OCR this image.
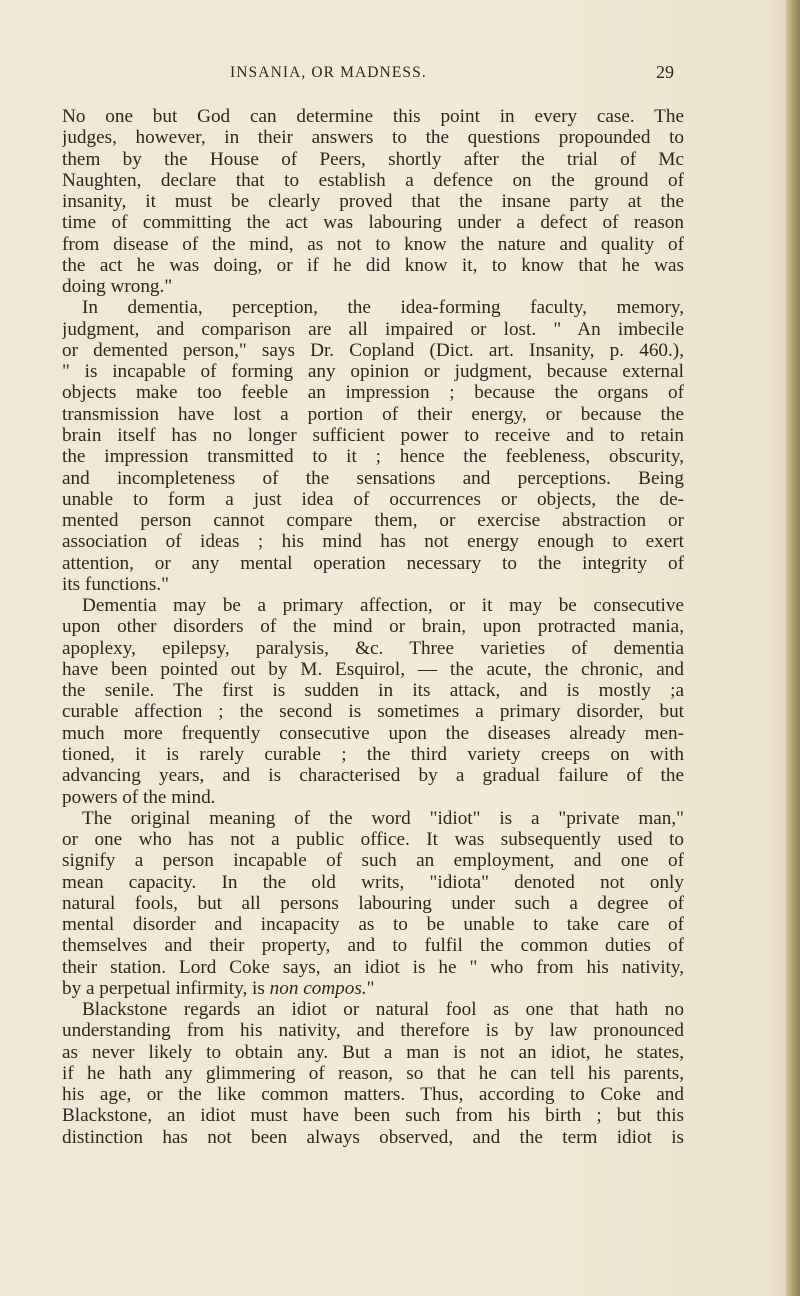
INSANIA, OR MADNESS.	29
No one but God can determine this point in every case. The
judges, however, in their answers to the questions propounded to
them by the House of Peers, shortly after the trial of Mc
Naughten, declare that to establish a defence on the ground of
insanity, it must be clearly proved that the insane party at the
time of committing the act was labouring under a defect of reason
from disease of the mind, as not to know the nature and quality of
the act he was doing, or if he did know it, to know that he was
doing wrong."
In dementia, perception, the idea-forming faculty, memory,
judgment, and comparison are all impaired or lost. " An imbecile
or demented person," says Dr. Copland (Dict. art. Insanity, p. 460.),
" is incapable of forming any opinion or judgment, because external
objects make too feeble an impression ; because the organs of
transmission have lost a portion of their energy, or because the
brain itself has no longer sufficient power to receive and to retain
the impression transmitted to it ; hence the feebleness, obscurity,
and incompleteness of the sensations and perceptions. Being
unable to form a just idea of occurrences or objects, the de-
mented person cannot compare them, or exercise abstraction or
association of ideas ; his mind has not energy enough to exert
attention, or any mental operation necessary to the integrity of
its functions."
Dementia may be a primary affection, or it may be consecutive
upon other disorders of the mind or brain, upon protracted mania,
apoplexy, epilepsy, paralysis, &c. Three varieties of dementia
have been pointed out by M. Esquirol, — the acute, the chronic, and
the senile. The first is sudden in its attack, and is mostly ;a
curable affection ; the second is sometimes a primary disorder, but
much more frequently consecutive upon the diseases already men-
tioned, it is rarely curable ; the third variety creeps on with
advancing years, and is characterised by a gradual failure of the
powers of the mind.
The original meaning of the word "idiot" is a "private man,"
or one who has not a public office. It was subsequently used to
signify a person incapable of such an employment, and one of
mean capacity. In the old writs, "idiota" denoted not only
natural fools, but all persons labouring under such a degree of
mental disorder and incapacity as to be unable to take care of
themselves and their property, and to fulfil the common duties of
their station. Lord Coke says, an idiot is he " who from his nativity,
by a perpetual infirmity, is non compos."
Blackstone regards an idiot or natural fool as one that hath no
understanding from his nativity, and therefore is by law pronounced
as never likely to obtain any. But a man is not an idiot, he states,
if he hath any glimmering of reason, so that he can tell his parents,
his age, or the like common matters. Thus, according to Coke and
Blackstone, an idiot must have been such from his birth ; but this
distinction has not been always observed, and the term idiot is
